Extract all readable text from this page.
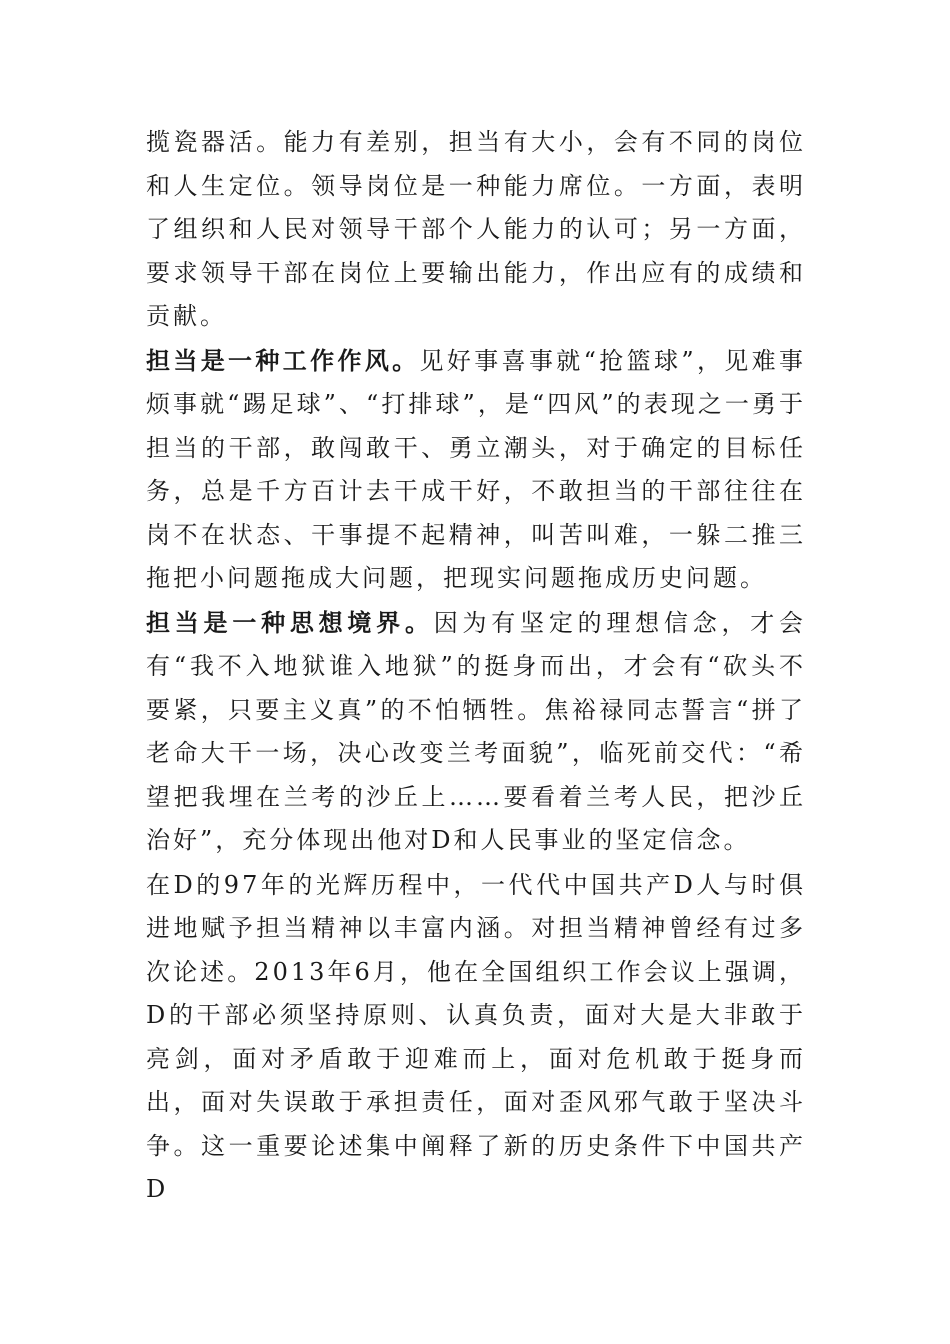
揽瓷器活。能力有差别，担当有大小，会有不同的岗位和人生定位。领导岗位是一种能力席位。一方面，表明了组织和人民对领导干部个人能力的认可；另一方面，要求领导干部在岗位上要输出能力，作出应有的成绩和贡献。

担当是一种工作作风。见好事喜事就“抢篮球”，见难事烦事就“踢足球”、“打排球”，是“四风”的表现之一勇于担当的干部，敢闯敢干、勇立潮头，对于确定的目标任务，总是千方百计去干成干好，不敢担当的干部往往在岗不在状态、干事提不起精神，叫苦叫难，一躲二推三拖把小问题拖成大问题，把现实问题拖成历史问题。

担当是一种思想境界。因为有坚定的理想信念，才会有“我不入地狱谁入地狱”的挺身而出，才会有“砍头不要紧，只要主义真”的不怕牺牲。焦裕禄同志誓言“拼了老命大干一场，决心改变兰考面貌”，临死前交代：“希望把我埋在兰考的沙丘上……要看着兰考人民，把沙丘治好”，充分体现出他对D和人民事业的坚定信念。

在D的97年的光辉历程中，一代代中国共产D人与时俱进地赋予担当精神以丰富内涵。对担当精神曾经有过多次论述。2013年6月，他在全国组织工作会议上强调，D的干部必须坚持原则、认真负责，面对大是大非敢于亮剑，面对矛盾敢于迎难而上，面对危机敢于挺身而出，面对失误敢于承担责任，面对歪风邪气敢于坚决斗争。这一重要论述集中阐释了新的历史条件下中国共产D
